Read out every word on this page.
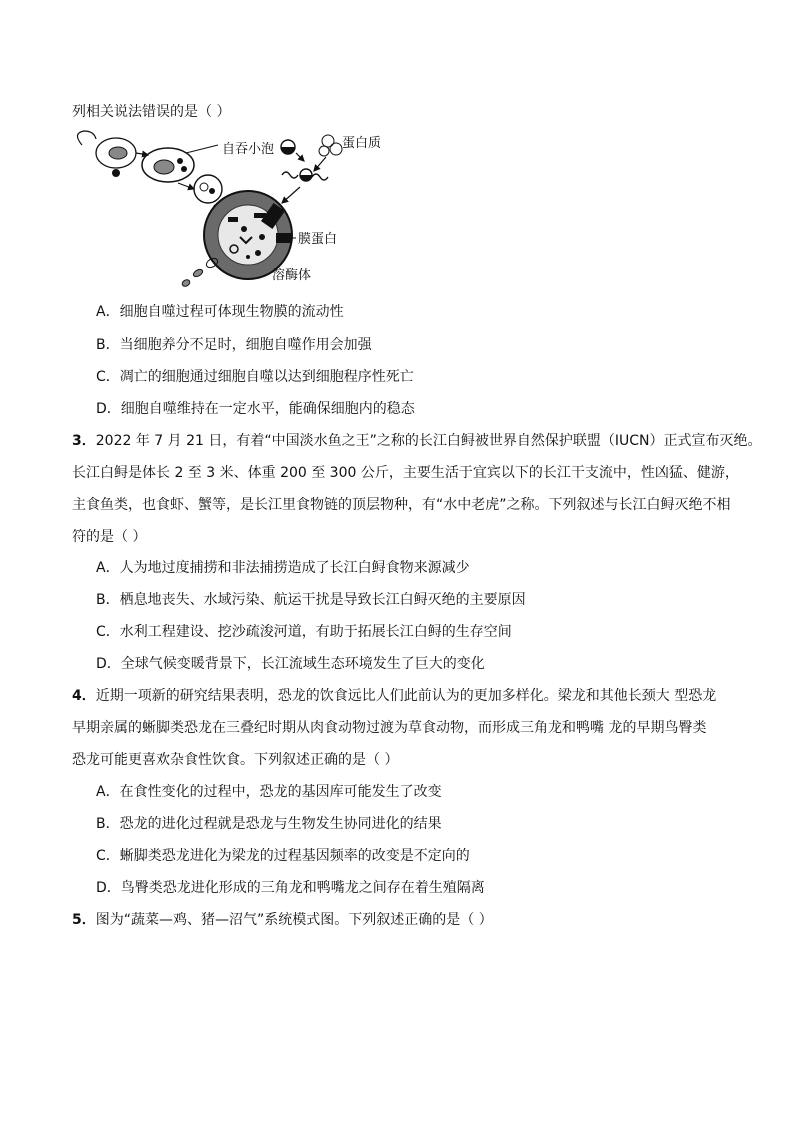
列相关说法错误的是（ ）
自吞小泡
膜蛋白
溶酶体
蛋白质
A．细胞自噬过程可体现生物膜的流动性
B．当细胞养分不足时，细胞自噬作用会加强
C．凋亡的细胞通过细胞自噬以达到细胞程序性死亡
D．细胞自噬维持在一定水平，能确保细胞内的稳态
3．2022 年 7 月 21 日，有着“中国淡水鱼之王”之称的长江白鲟被世界自然保护联盟（IUCN）正式宣布灭绝。
长江白鲟是体长 2 至 3 米、体重 200 至 300 公斤，主要生活于宜宾以下的长江干支流中，性凶猛、健游，
主食鱼类，也食虾、蟹等，是长江里食物链的顶层物种，有“水中老虎”之称。下列叙述与长江白鲟灭绝不相
符的是（ ）
A．人为地过度捕捞和非法捕捞造成了长江白鲟食物来源减少
B．栖息地丧失、水域污染、航运干扰是导致长江白鲟灭绝的主要原因
C．水利工程建设、挖沙疏浚河道，有助于拓展长江白鲟的生存空间
D．全球气候变暖背景下，长江流域生态环境发生了巨大的变化
4．近期一项新的研究结果表明，恐龙的饮食远比人们此前认为的更加多样化。梁龙和其他长颈大 型恐龙
早期亲属的蜥脚类恐龙在三叠纪时期从肉食动物过渡为草食动物，而形成三角龙和鸭嘴 龙的早期鸟臀类
恐龙可能更喜欢杂食性饮食。下列叙述正确的是（ ）
A．在食性变化的过程中，恐龙的基因库可能发生了改变
B．恐龙的进化过程就是恐龙与生物发生协同进化的结果
C．蜥脚类恐龙进化为梁龙的过程基因频率的改变是不定向的
D．鸟臀类恐龙进化形成的三角龙和鸭嘴龙之间存在着生殖隔离
5．图为“蔬菜—鸡、猪—沼气”系统模式图。下列叙述正确的是（ ）
